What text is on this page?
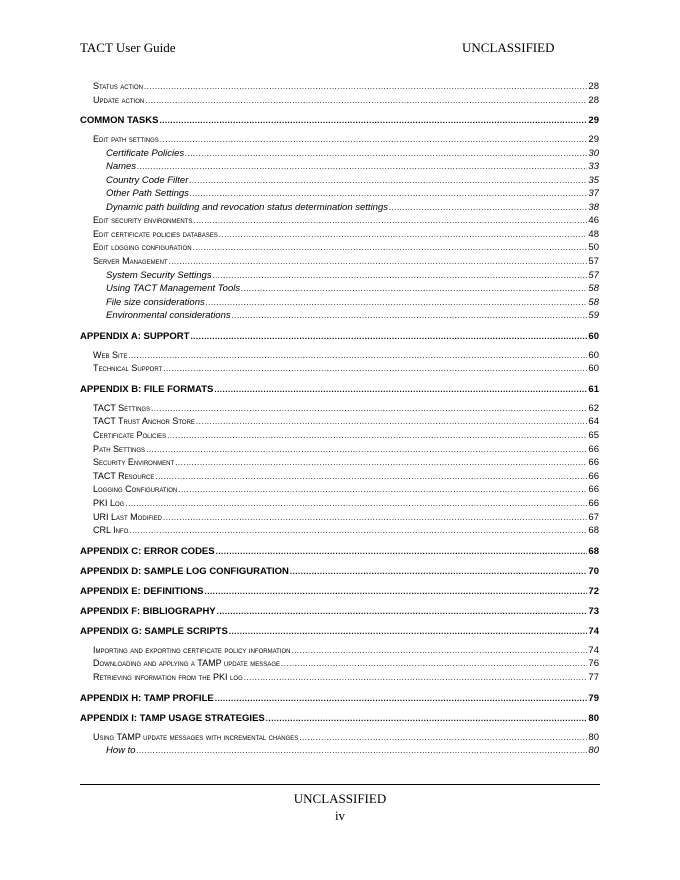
TACT User Guide	UNCLASSIFIED
Status action .....	28
Update action .....	28
COMMON TASKS .....	29
Edit path settings .....	29
Certificate Policies .....	30
Names .....	33
Country Code Filter .....	35
Other Path Settings .....	37
Dynamic path building and revocation status determination settings .....	38
Edit security environments .....	46
Edit certificate policies databases .....	48
Edit logging configuration .....	50
Server Management .....	57
System Security Settings .....	57
Using TACT Management Tools .....	58
File size considerations .....	58
Environmental considerations .....	59
APPENDIX A: SUPPORT .....	60
Web Site .....	60
Technical Support .....	60
APPENDIX B: FILE FORMATS .....	61
TACT Settings .....	62
TACT Trust Anchor Store .....	64
Certificate Policies .....	65
Path Settings .....	66
Security Environment .....	66
TACT Resource .....	66
Logging Configuration .....	66
PKI Log .....	66
URI Last Modified .....	67
CRL Info .....	68
APPENDIX C: ERROR CODES .....	68
APPENDIX D: SAMPLE LOG CONFIGURATION .....	70
APPENDIX E: DEFINITIONS .....	72
APPENDIX F: BIBLIOGRAPHY .....	73
APPENDIX G: SAMPLE SCRIPTS .....	74
Importing and exporting certificate policy information .....	74
Downloading and applying a TAMP update message .....	76
Retrieving information from the PKI log .....	77
APPENDIX H: TAMP PROFILE .....	79
APPENDIX I: TAMP USAGE STRATEGIES .....	80
Using TAMP update messages with incremental changes .....	80
How to .....	80
UNCLASSIFIED
iv
